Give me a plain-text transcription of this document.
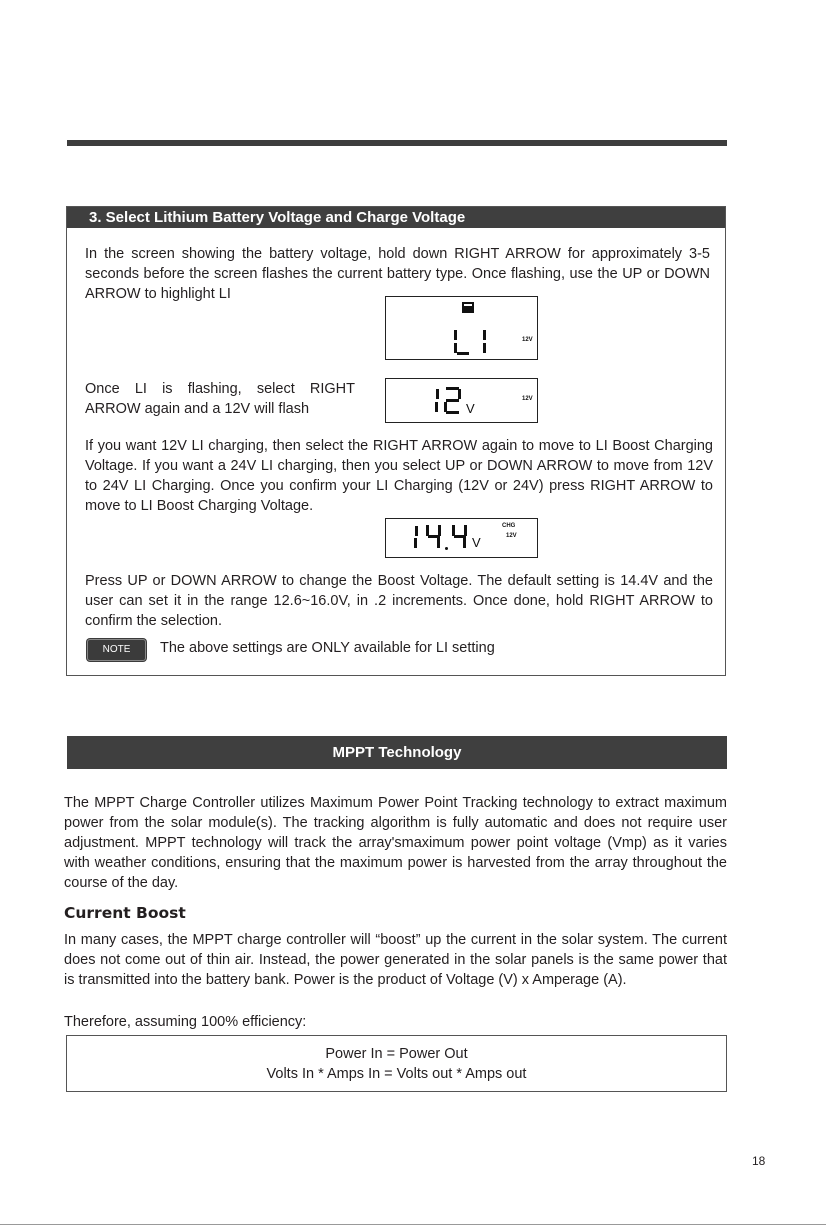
3. Select Lithium Battery Voltage and Charge Voltage
In the screen showing the battery voltage, hold down RIGHT ARROW for approximately 3-5 seconds before the screen flashes the current battery type. Once flashing, use the UP or DOWN ARROW to highlight LI
12V
Once LI is flashing, select RIGHT ARROW again and a 12V will flash	V
12V
If you want 12V LI charging, then select the RIGHT ARROW again to move to LI Boost Charging Voltage. If you want a 24V LI charging, then you select UP or DOWN ARROW to move from 12V to 24V LI Charging. Once you confirm your LI Charging (12V or 24V) press RIGHT ARROW to move to LI Boost Charging Voltage.
V
CHG
12V
Press UP or DOWN ARROW to change the Boost Voltage. The default setting is 14.4V and the user can set it in the range 12.6~16.0V, in .2 increments. Once done, hold RIGHT ARROW to confirm the selection.
NOTE	The above settings are ONLY available for LI setting
MPPT Technology
The MPPT Charge Controller utilizes Maximum Power Point Tracking technology to extract maximum power from the solar module(s). The tracking algorithm is fully automatic and does not require user adjustment. MPPT technology will track the array'smaximum power point voltage (Vmp) as it varies with weather conditions, ensuring that the maximum power is harvested from the array throughout the course of the day.
Current Boost
In many cases, the MPPT charge controller will “boost” up the current in the solar system. The current does not come out of thin air. Instead, the power generated in the solar panels is the same power that is transmitted into the battery bank. Power is the product of Voltage (V) x Amperage (A).
Therefore, assuming 100% efficiency:
Power In = Power Out
Volts In * Amps In = Volts out * Amps out
18
